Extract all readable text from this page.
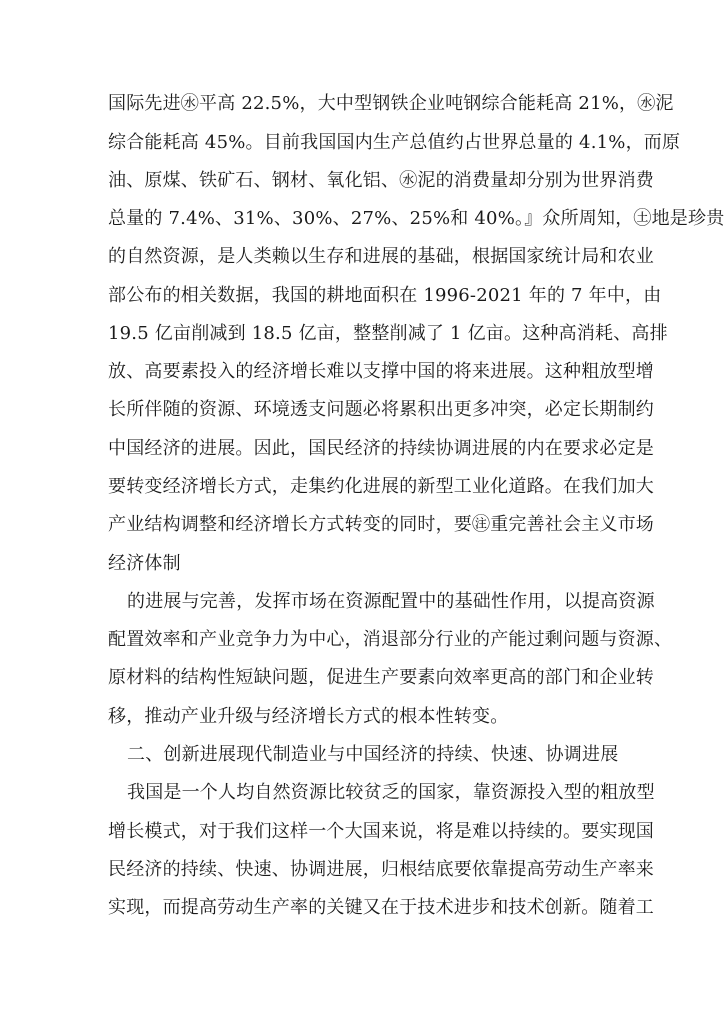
国际先进㊌平高 22.5%，大中型钢铁企业吨钢综合能耗高 21%，㊌泥
综合能耗高 45%。目前我国国内生产总值约占世界总量的 4.1%，而原
油、原煤、铁矿石、钢材、氧化铝、㊌泥的消费量却分别为世界消费
总量的 7.4%、31%、30%、27%、25%和 40%。』众所周知，㊏地是珍贵
的自然资源，是人类赖以生存和进展的基础，根据国家统计局和农业
部公布的相关数据，我国的耕地面积在 1996-2021 年的 7 年中，由
19.5 亿亩削减到 18.5 亿亩，整整削减了 1 亿亩。这种高消耗、高排
放、高要素投入的经济增长难以支撑中国的将来进展。这种粗放型增
长所伴随的资源、环境透支问题必将累积出更多冲突，必定长期制约
中国经济的进展。因此，国民经济的持续协调进展的内在要求必定是
要转变经济增长方式，走集约化进展的新型工业化道路。在我们加大
产业结构调整和经济增长方式转变的同时，要㊟重完善社会主义市场
经济体制
的进展与完善，发挥市场在资源配置中的基础性作用，以提高资源
配置效率和产业竞争力为中心，消退部分行业的产能过剩问题与资源、
原材料的结构性短缺问题，促进生产要素向效率更高的部门和企业转
移，推动产业升级与经济增长方式的根本性转变。
二、创新进展现代制造业与中国经济的持续、快速、协调进展
我国是一个人均自然资源比较贫乏的国家，靠资源投入型的粗放型
增长模式，对于我们这样一个大国来说，将是难以持续的。要实现国
民经济的持续、快速、协调进展，归根结底要依靠提高劳动生产率来
实现，而提高劳动生产率的关键又在于技术进步和技术创新。随着工
